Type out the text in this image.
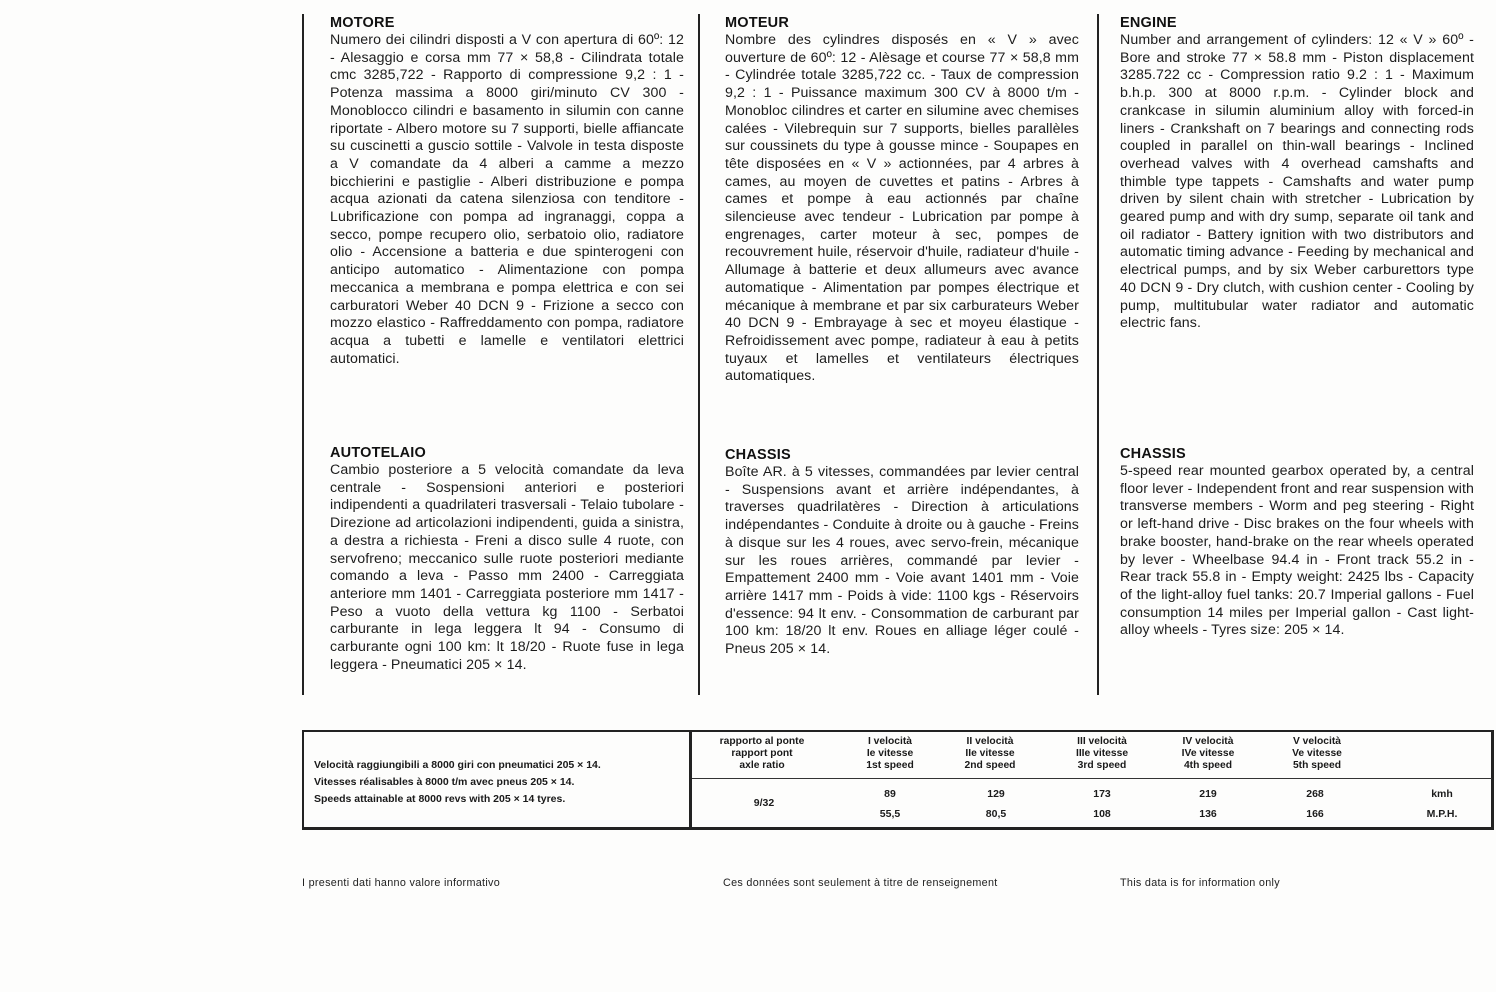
MOTORE

Numero dei cilindri disposti a V con apertura di 60º: 12 - Alesaggio e corsa mm 77 × 58,8 - Cilindrata totale cmc 3285,722 - Rapporto di compressione 9,2 : 1 - Potenza massima a 8000 giri/minuto CV 300 - Monoblocco cilindri e basamento in silumin con canne riportate - Albero motore su 7 supporti, bielle affiancate su cuscinetti a guscio sottile - Valvole in testa disposte a V comandate da 4 alberi a camme a mezzo bicchierini e pastiglie - Alberi distribuzione e pompa acqua azionati da catena silenziosa con tenditore - Lubrificazione con pompa ad ingranaggi, coppa a secco, pompe recupero olio, serbatoio olio, radiatore olio - Accensione a batteria e due spinterogeni con anticipo automatico - Alimentazione con pompa meccanica a membrana e pompa elettrica e con sei carburatori Weber 40 DCN 9 - Frizione a secco con mozzo elastico - Raffreddamento con pompa, radiatore acqua a tubetti e lamelle e ventilatori elettrici automatici.

AUTOTELAIO

Cambio posteriore a 5 velocità comandate da leva centrale - Sospensioni anteriori e posteriori indipendenti a quadrilateri trasversali - Telaio tubolare - Direzione ad articolazioni indipendenti, guida a sinistra, a destra a richiesta - Freni a disco sulle 4 ruote, con servofreno; meccanico sulle ruote posteriori mediante comando a leva - Passo mm 2400 - Carreggiata anteriore mm 1401 - Carreggiata posteriore mm 1417 - Peso a vuoto della vettura kg 1100 - Serbatoi carburante in lega leggera lt 94 - Consumo di carburante ogni 100 km: lt 18/20 - Ruote fuse in lega leggera - Pneumatici 205 × 14.

MOTEUR

Nombre des cylindres disposés en « V » avec ouverture de 60º: 12 - Alèsage et course 77 × 58,8 mm - Cylindrée totale 3285,722 cc. - Taux de compression 9,2 : 1 - Puissance maximum 300 CV à 8000 t/m - Monobloc cilindres et carter en silumine avec chemises calées - Vilebrequin sur 7 supports, bielles parallèles sur coussinets du type à gousse mince - Soupapes en tête disposées en « V » actionnées, par 4 arbres à cames, au moyen de cuvettes et patins - Arbres à cames et pompe à eau actionnés par chaîne silencieuse avec tendeur - Lubrication par pompe à engrenages, carter moteur à sec, pompes de recouvrement huile, réservoir d'huile, radiateur d'huile - Allumage à batterie et deux allumeurs avec avance automatique - Alimentation par pompes électrique et mécanique à membrane et par six carburateurs Weber 40 DCN 9 - Embrayage à sec et moyeu élastique - Refroidissement avec pompe, radiateur à eau à petits tuyaux et lamelles et ventilateurs électriques automatiques.

CHASSIS

Boîte AR. à 5 vitesses, commandées par levier central - Suspensions avant et arrière indépendantes, à traverses quadrilatères - Direction à articulations indépendantes - Conduite à droite ou à gauche - Freins à disque sur les 4 roues, avec servo-frein, mécanique sur les roues arrières, commandé par levier - Empattement 2400 mm - Voie avant 1401 mm - Voie arrière 1417 mm - Poids à vide: 1100 kgs - Réservoirs d'essence: 94 lt env. - Consommation de carburant par 100 km: 18/20 lt env. Roues en alliage léger coulé - Pneus 205 × 14.

ENGINE

Number and arrangement of cylinders: 12 « V » 60º - Bore and stroke 77 × 58.8 mm - Piston displacement 3285.722 cc - Compression ratio 9.2 : 1 - Maximum b.h.p. 300 at 8000 r.p.m. - Cylinder block and crankcase in silumin aluminium alloy with forced-in liners - Crankshaft on 7 bearings and connecting rods coupled in parallel on thin-wall bearings - Inclined overhead valves with 4 overhead camshafts and thimble type tappets - Camshafts and water pump driven by silent chain with stretcher - Lubrication by geared pump and with dry sump, separate oil tank and oil radiator - Battery ignition with two distributors and automatic timing advance - Feeding by mechanical and electrical pumps, and by six Weber carburettors type 40 DCN 9 - Dry clutch, with cushion center - Cooling by pump, multitubular water radiator and automatic electric fans.

CHASSIS

5-speed rear mounted gearbox operated by, a central floor lever - Independent front and rear suspension with transverse members - Worm and peg steering - Right or left-hand drive - Disc brakes on the four wheels with brake booster, hand-brake on the rear wheels operated by lever - Wheelbase 94.4 in - Front track 55.2 in - Rear track 55.8 in - Empty weight: 2425 lbs - Capacity of the light-alloy fuel tanks: 20.7 Imperial gallons - Fuel consumption 14 miles per Imperial gallon - Cast light-alloy wheels - Tyres size: 205 × 14.

Velocità raggiungibili a 8000 giri con pneumatici 205 × 14.
Vitesses réalisables à 8000 t/m avec pneus 205 × 14.
Speeds attainable at 8000 revs with 205 × 14 tyres.
rapporto al ponte
rapport pont
axle ratio
I velocità
Ie vitesse
1st speed
II velocità
IIe vitesse
2nd speed
III velocità
IIIe vitesse
3rd speed
IV velocità
IVe vitesse
4th speed
V velocità
Ve vitesse
5th speed
9/32
89
55,5
129
80,5
173
108
219
136
268
166
kmh
M.P.H.
I presenti dati hanno valore informativo	Ces données sont seulement à titre de renseignement	This data is for information only
